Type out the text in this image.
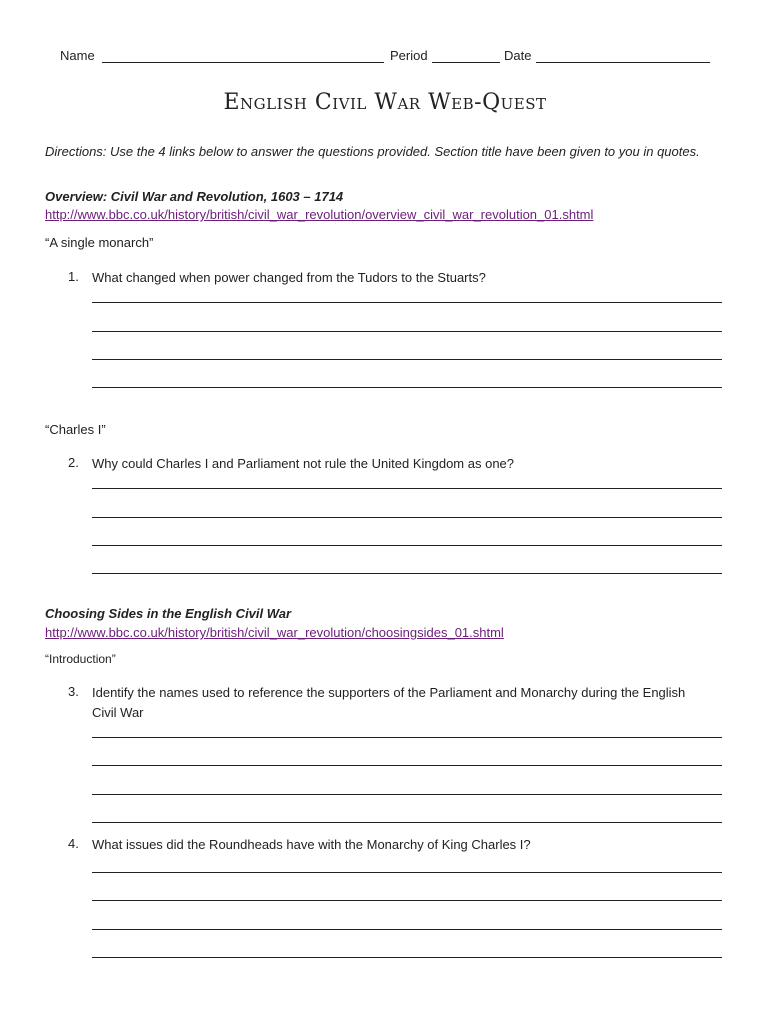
Name	Period	Date
English Civil War Web-Quest
Directions: Use the 4 links below to answer the questions provided. Section title have been given to you in quotes.
Overview: Civil War and Revolution, 1603 – 1714
http://www.bbc.co.uk/history/british/civil_war_revolution/overview_civil_war_revolution_01.shtml
“A single monarch”
1. What changed when power changed from the Tudors to the Stuarts?
“Charles I”
2. Why could Charles I and Parliament not rule the United Kingdom as one?
Choosing Sides in the English Civil War
http://www.bbc.co.uk/history/british/civil_war_revolution/choosingsides_01.shtml
“Introduction”
3. Identify the names used to reference the supporters of the Parliament and Monarchy during the English Civil War
4. What issues did the Roundheads have with the Monarchy of King Charles I?
